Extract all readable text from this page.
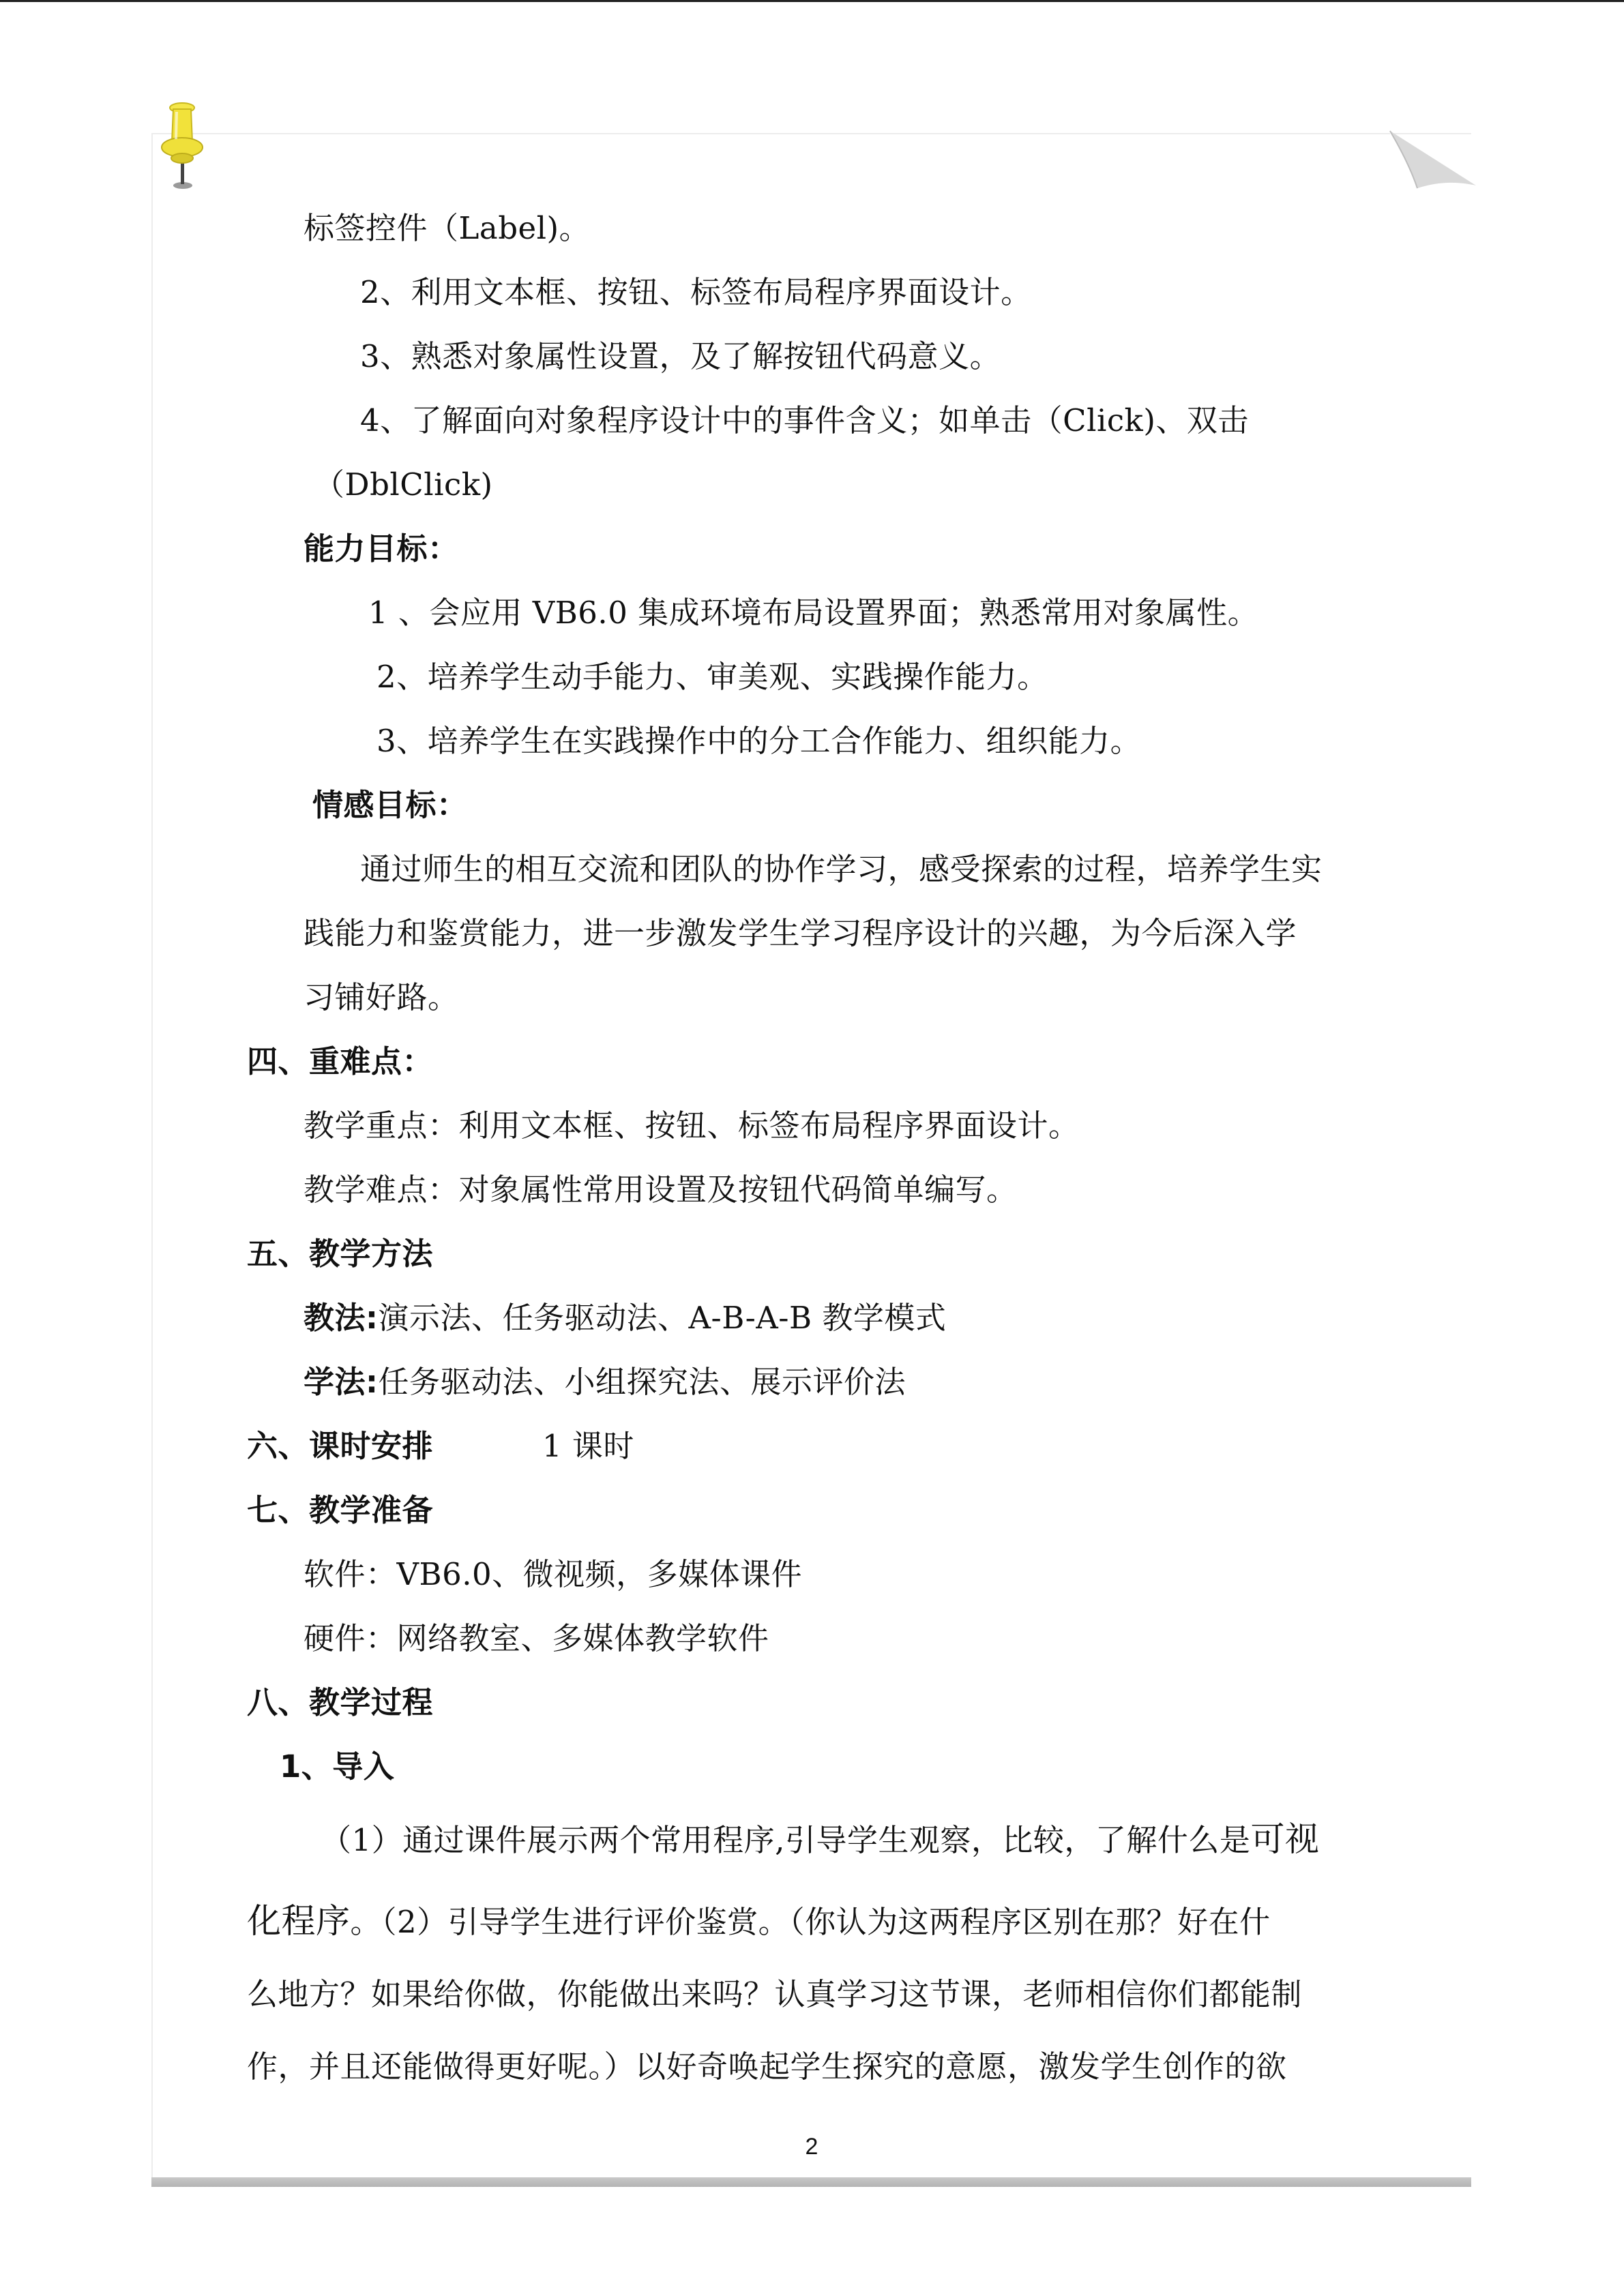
标签控件（Label)。
2、利用文本框、按钮、标签布局程序界面设计。
3、熟悉对象属性设置，及了解按钮代码意义。
4、了解面向对象程序设计中的事件含义；如单击（Click)、双击
（DblClick)
能力目标：
1 、会应用 VB6.0 集成环境布局设置界面；熟悉常用对象属性。
2、培养学生动手能力、审美观、实践操作能力。
3、培养学生在实践操作中的分工合作能力、组织能力。
情感目标：
通过师生的相互交流和团队的协作学习，感受探索的过程，培养学生实
践能力和鉴赏能力，进一步激发学生学习程序设计的兴趣，为今后深入学
习铺好路。
四、重难点：
教学重点：利用文本框、按钮、标签布局程序界面设计。
教学难点：对象属性常用设置及按钮代码简单编写。
五、教学方法
教法:演示法、任务驱动法、A-B-A-B 教学模式
学法:任务驱动法、小组探究法、展示评价法
六、课时安排	1 课时
七、教学准备
软件：VB6.0、微视频，多媒体课件
硬件：网络教室、多媒体教学软件
八、教学过程
1、导入
（1）通过课件展示两个常用程序,引导学生观察，比较，了解什么是可视
化程序。（2）引导学生进行评价鉴赏。（你认为这两程序区别在那？好在什
么地方？如果给你做，你能做出来吗？认真学习这节课，老师相信你们都能制
作，并且还能做得更好呢。）以好奇唤起学生探究的意愿，激发学生创作的欲
2
